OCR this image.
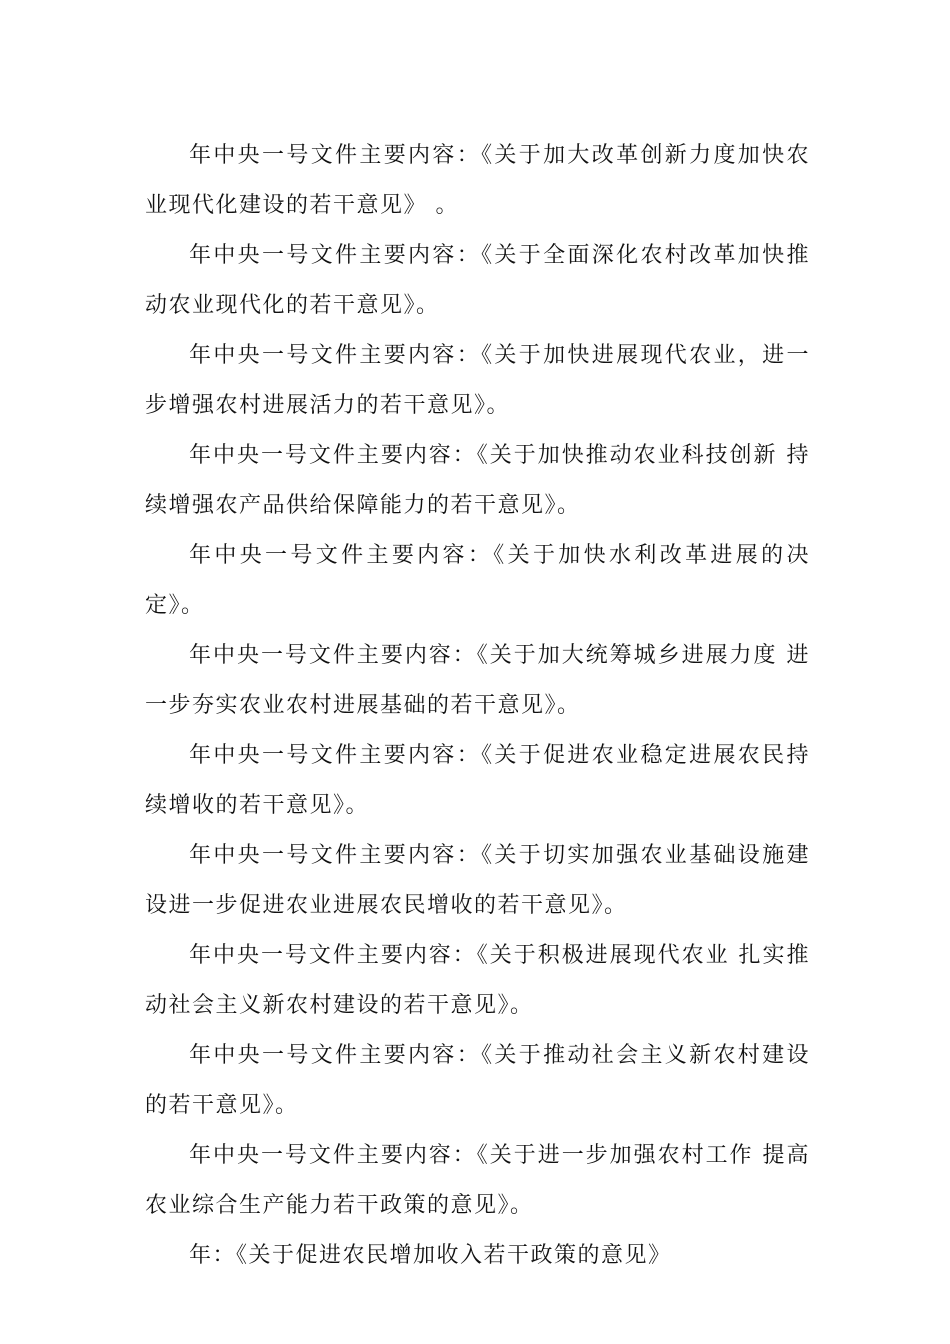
年中央一号文件主要内容：《关于加大改革创新力度加快农业现代化建设的若干意见》 。

年中央一号文件主要内容：《关于全面深化农村改革加快推动农业现代化的若干意见》。

年中央一号文件主要内容：《关于加快进展现代农业，进一步增强农村进展活力的若干意见》。

年中央一号文件主要内容：《关于加快推动农业科技创新 持续增强农产品供给保障能力的若干意见》。

年中央一号文件主要内容：《关于加快水利改革进展的决定》。

年中央一号文件主要内容：《关于加大统筹城乡进展力度 进一步夯实农业农村进展基础的若干意见》。

年中央一号文件主要内容：《关于促进农业稳定进展农民持续增收的若干意见》。

年中央一号文件主要内容：《关于切实加强农业基础设施建设进一步促进农业进展农民增收的若干意见》。

年中央一号文件主要内容：《关于积极进展现代农业 扎实推动社会主义新农村建设的若干意见》。

年中央一号文件主要内容：《关于推动社会主义新农村建设的若干意见》。

年中央一号文件主要内容：《关于进一步加强农村工作 提高农业综合生产能力若干政策的意见》。

年：《关于促进农民增加收入若干政策的意见》
